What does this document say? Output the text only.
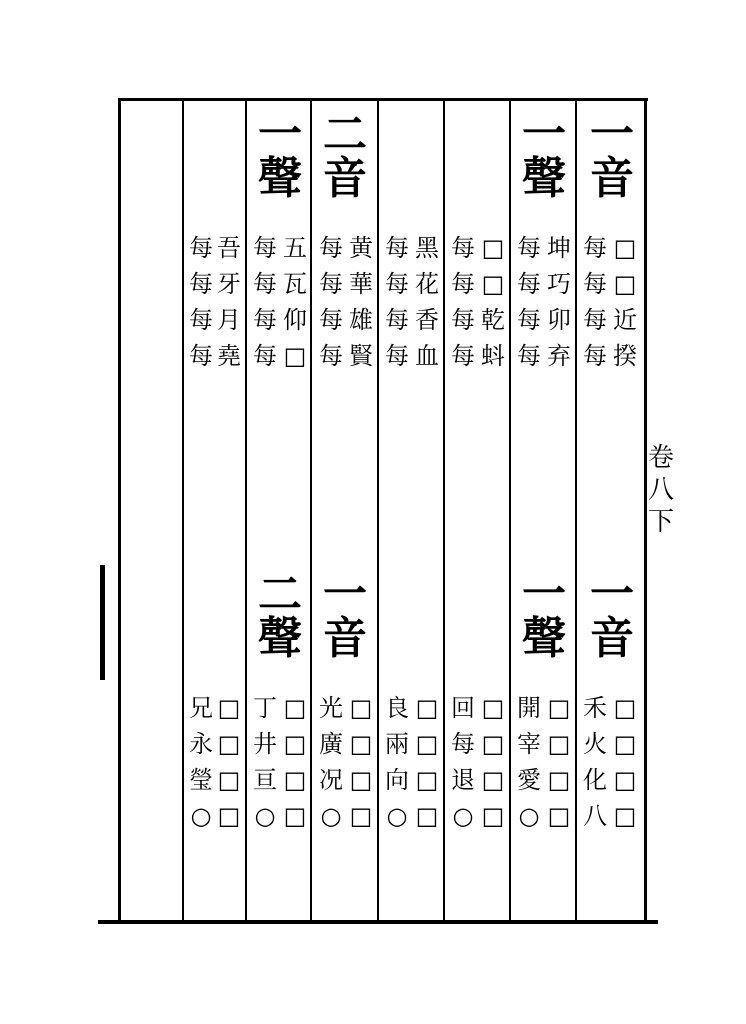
卷
八
下
一
音
每
每
每
每
□
□
近
揆
一
聲
每
每
每
每
坤
巧
卯
弃
每
每
每
每
□
□
乾
蚪
每
每
每
每
黑
花
香
血
二
音
每
每
每
每
黄
華
雄
賢
一
聲
每
每
每
每
五
瓦
仰
□
每
每
每
每
吾
牙
月
堯
一
音
禾
火
化
八
□
□
□
□
一
聲
開
宰
愛
○
□
□
□
□
回
每
退
○
□
□
□
□
良
兩
向
○
□
□
□
□
一
音
光
廣
况
○
□
□
□
□
二
聲
丁
井
亘
○
□
□
□
□
兄
永
瑩
○
□
□
□
□
